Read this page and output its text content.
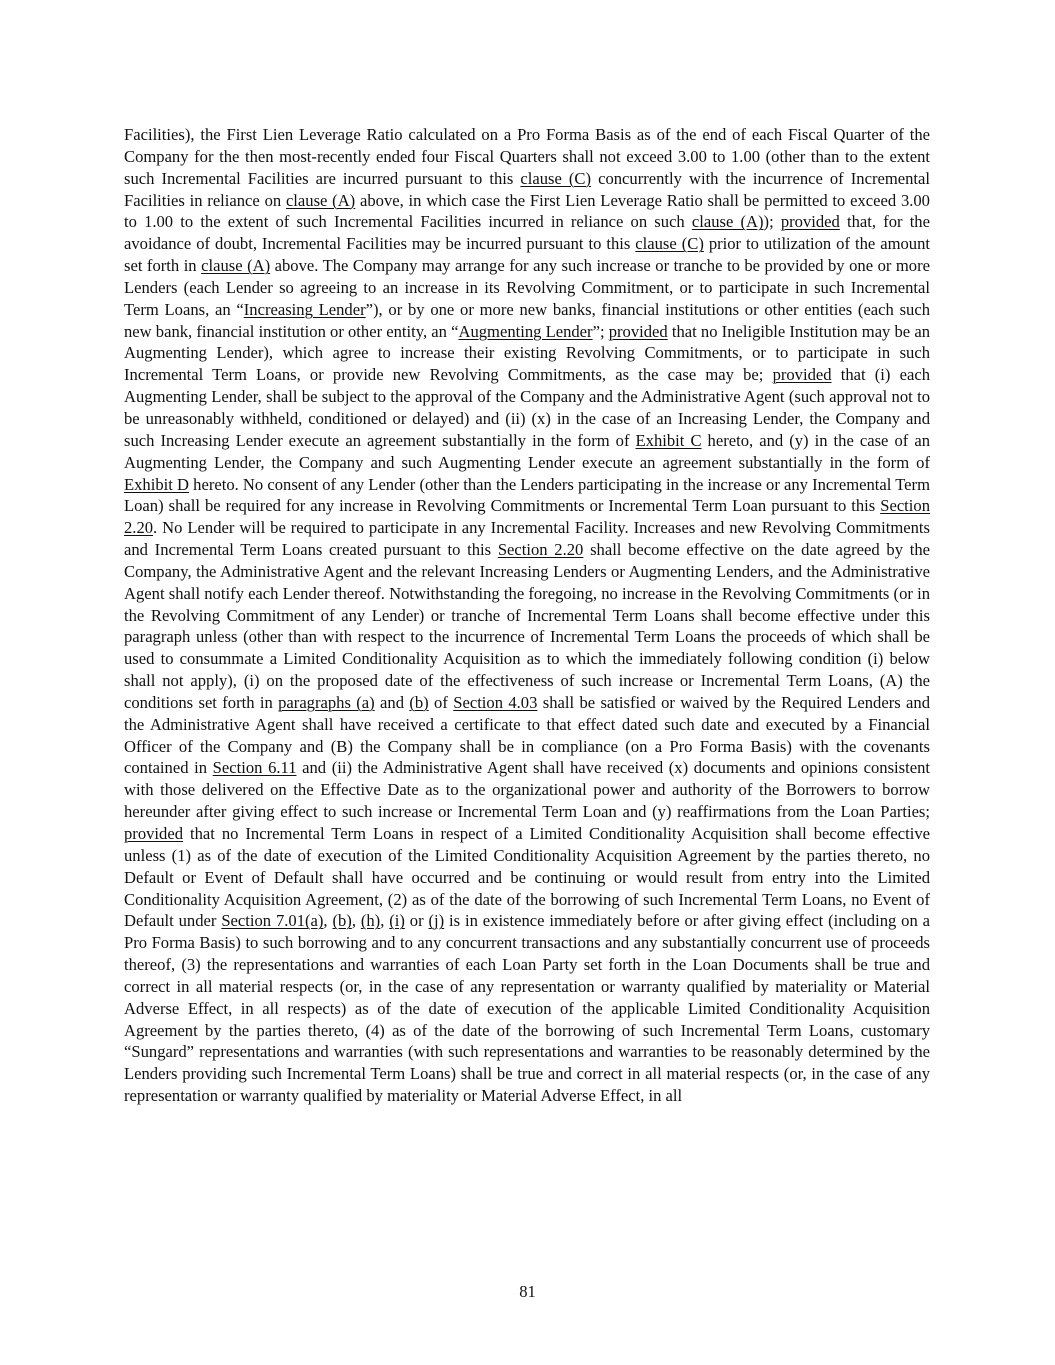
Facilities), the First Lien Leverage Ratio calculated on a Pro Forma Basis as of the end of each Fiscal Quarter of the Company for the then most-recently ended four Fiscal Quarters shall not exceed 3.00 to 1.00 (other than to the extent such Incremental Facilities are incurred pursuant to this clause (C) concurrently with the incurrence of Incremental Facilities in reliance on clause (A) above, in which case the First Lien Leverage Ratio shall be permitted to exceed 3.00 to 1.00 to the extent of such Incremental Facilities incurred in reliance on such clause (A)); provided that, for the avoidance of doubt, Incremental Facilities may be incurred pursuant to this clause (C) prior to utilization of the amount set forth in clause (A) above. The Company may arrange for any such increase or tranche to be provided by one or more Lenders (each Lender so agreeing to an increase in its Revolving Commitment, or to participate in such Incremental Term Loans, an “Increasing Lender”), or by one or more new banks, financial institutions or other entities (each such new bank, financial institution or other entity, an “Augmenting Lender”; provided that no Ineligible Institution may be an Augmenting Lender), which agree to increase their existing Revolving Commitments, or to participate in such Incremental Term Loans, or provide new Revolving Commitments, as the case may be; provided that (i) each Augmenting Lender, shall be subject to the approval of the Company and the Administrative Agent (such approval not to be unreasonably withheld, conditioned or delayed) and (ii) (x) in the case of an Increasing Lender, the Company and such Increasing Lender execute an agreement substantially in the form of Exhibit C hereto, and (y) in the case of an Augmenting Lender, the Company and such Augmenting Lender execute an agreement substantially in the form of Exhibit D hereto. No consent of any Lender (other than the Lenders participating in the increase or any Incremental Term Loan) shall be required for any increase in Revolving Commitments or Incremental Term Loan pursuant to this Section 2.20. No Lender will be required to participate in any Incremental Facility. Increases and new Revolving Commitments and Incremental Term Loans created pursuant to this Section 2.20 shall become effective on the date agreed by the Company, the Administrative Agent and the relevant Increasing Lenders or Augmenting Lenders, and the Administrative Agent shall notify each Lender thereof. Notwithstanding the foregoing, no increase in the Revolving Commitments (or in the Revolving Commitment of any Lender) or tranche of Incremental Term Loans shall become effective under this paragraph unless (other than with respect to the incurrence of Incremental Term Loans the proceeds of which shall be used to consummate a Limited Conditionality Acquisition as to which the immediately following condition (i) below shall not apply), (i) on the proposed date of the effectiveness of such increase or Incremental Term Loans, (A) the conditions set forth in paragraphs (a) and (b) of Section 4.03 shall be satisfied or waived by the Required Lenders and the Administrative Agent shall have received a certificate to that effect dated such date and executed by a Financial Officer of the Company and (B) the Company shall be in compliance (on a Pro Forma Basis) with the covenants contained in Section 6.11 and (ii) the Administrative Agent shall have received (x) documents and opinions consistent with those delivered on the Effective Date as to the organizational power and authority of the Borrowers to borrow hereunder after giving effect to such increase or Incremental Term Loan and (y) reaffirmations from the Loan Parties; provided that no Incremental Term Loans in respect of a Limited Conditionality Acquisition shall become effective unless (1) as of the date of execution of the Limited Conditionality Acquisition Agreement by the parties thereto, no Default or Event of Default shall have occurred and be continuing or would result from entry into the Limited Conditionality Acquisition Agreement, (2) as of the date of the borrowing of such Incremental Term Loans, no Event of Default under Section 7.01(a), (b), (h), (i) or (j) is in existence immediately before or after giving effect (including on a Pro Forma Basis) to such borrowing and to any concurrent transactions and any substantially concurrent use of proceeds thereof, (3) the representations and warranties of each Loan Party set forth in the Loan Documents shall be true and correct in all material respects (or, in the case of any representation or warranty qualified by materiality or Material Adverse Effect, in all respects) as of the date of execution of the applicable Limited Conditionality Acquisition Agreement by the parties thereto, (4) as of the date of the borrowing of such Incremental Term Loans, customary “Sungard” representations and warranties (with such representations and warranties to be reasonably determined by the Lenders providing such Incremental Term Loans) shall be true and correct in all material respects (or, in the case of any representation or warranty qualified by materiality or Material Adverse Effect, in all

81
